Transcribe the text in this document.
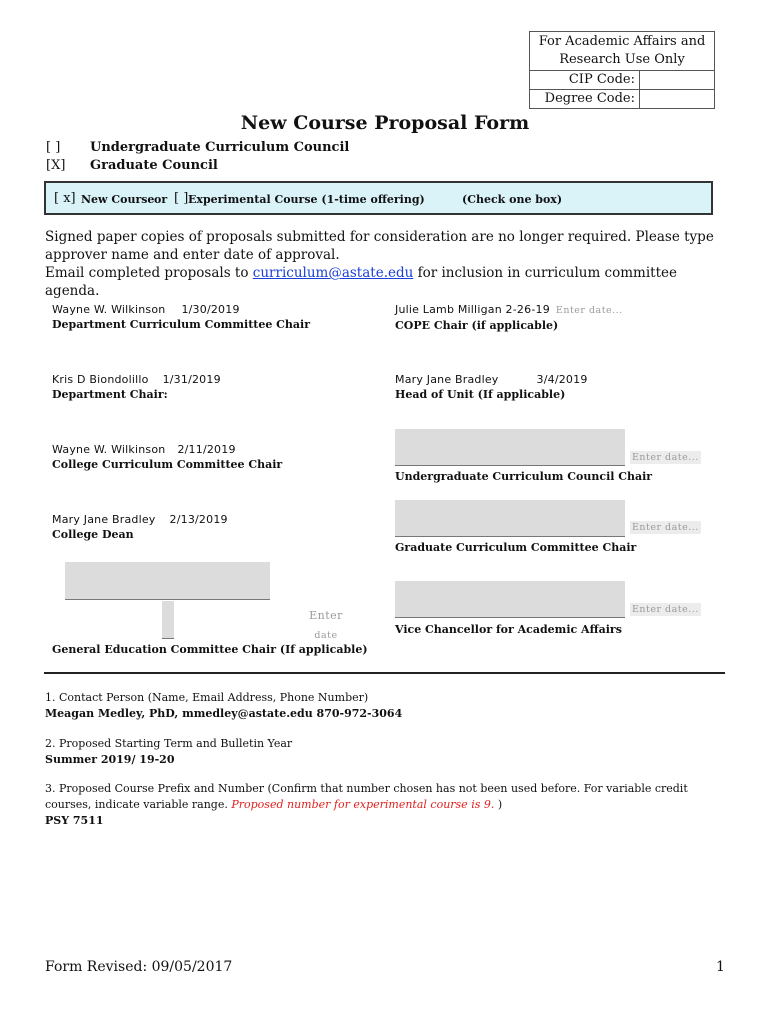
For Academic Affairs and Research Use Only
CIP Code:
Degree Code:
New Course Proposal Form
[ ] Undergraduate Curriculum Council
[X] Graduate Council
[ x] New Course or [ ] Experimental Course (1-time offering)	(Check one box)
Signed paper copies of proposals submitted for consideration are no longer required. Please type approver name and enter date of approval.
Email completed proposals to curriculum@astate.edu for inclusion in curriculum committee agenda.
Wayne W. Wilkinson 1/30/2019
Department Curriculum Committee Chair
Kris D Biondolillo 1/31/2019
Department Chair:
Wayne W. Wilkinson 2/11/2019
College Curriculum Committee Chair
Mary Jane Bradley 2/13/2019
College Dean
Enter
date
General Education Committee Chair (If applicable)
Julie Lamb Milligan 2-26-19 Enter date...
COPE Chair (if applicable)
Mary Jane Bradley	3/4/2019
Head of Unit (If applicable)
Enter date...
Undergraduate Curriculum Council Chair
Enter date...
Graduate Curriculum Committee Chair
Enter date...
Vice Chancellor for Academic Affairs
1. Contact Person (Name, Email Address, Phone Number)
Meagan Medley, PhD, mmedley@astate.edu 870-972-3064
2. Proposed Starting Term and Bulletin Year
Summer 2019/ 19-20
3. Proposed Course Prefix and Number (Confirm that number chosen has not been used before. For variable credit courses, indicate variable range. Proposed number for experimental course is 9. )
PSY 7511
Form Revised: 09/05/2017	1
